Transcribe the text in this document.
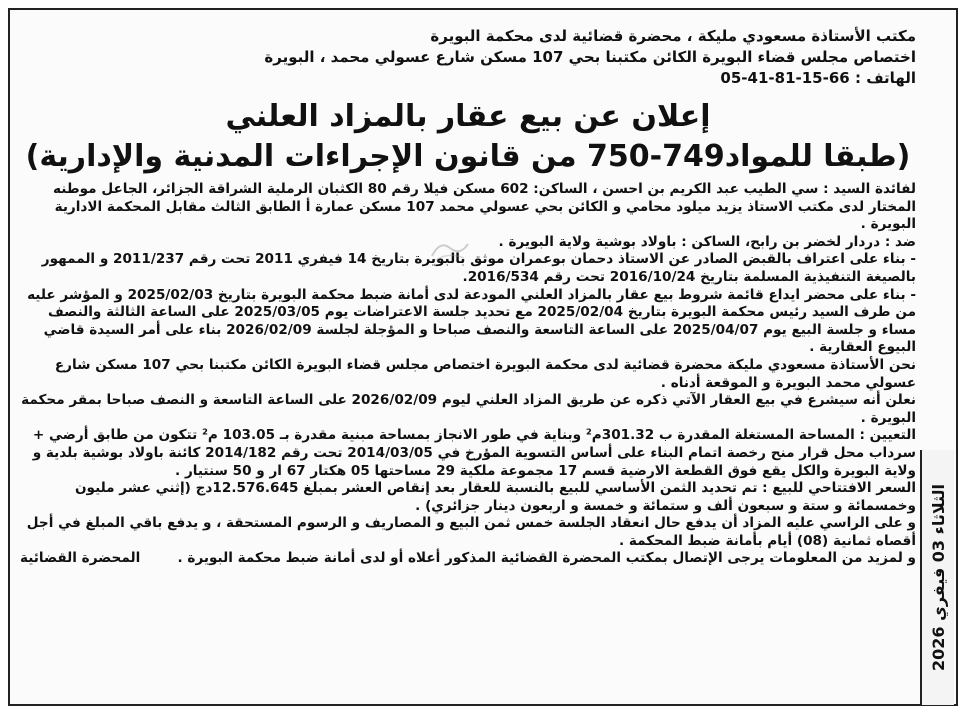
مكتب الأستاذة مسعودي مليكة ، محضرة قضائية لدى محكمة البويرة

اختصاص مجلس قضاء البويرة الكائن مكتبنا بحي 107 مسكن شارع عسولي محمد ، البويرة

الهاتف : 66-15-81-41-05

إعلان عن بيع عقار بالمزاد العلني

(طبقا للمواد749-750 من قانون الإجراءات المدنية والإدارية)

لفائدة السيد : سي الطيب عبد الكريم بن احسن ، الساكن: 602 مسكن فيلا رقم 80 الكثبان الرملية الشراقة الجزائر، الجاعل موطنه المختار لدى مكتب الاستاذ يزيد ميلود محامي و الكائن بحي عسولي محمد 107 مسكن عمارة أ الطابق الثالث مقابل المحكمة الادارية البويرة .

ضد : دردار لخضر بن رابح، الساكن : باولاد بوشية ولاية البويرة .

- بناء على اعتراف بالقبض الصادر عن الاستاذ دحمان بوعمران موثق بالبويرة بتاريخ 14 فيفري 2011 تحت رقم 2011/237 و الممهور بالصيغة التنفيذية المسلمة بتاريخ 2016/10/24 تحت رقم 2016/534.

- بناء على محضر ايداع قائمة شروط بيع عقار بالمزاد العلني المودعة لدى أمانة ضبط محكمة البويرة بتاريخ 2025/02/03 و المؤشر عليه من طرف السيد رئيس محكمة البويرة بتاريخ 2025/02/04 مع تحديد جلسة الاعتراضات يوم 2025/03/05 على الساعة الثالثة والنصف مساء و جلسة البيع يوم 2025/04/07 على الساعة التاسعة والنصف صباحا و المؤجلة لجلسة 2026/02/09 بناء على أمر السيدة قاضي البيوع العقارية .

نحن الأستاذة مسعودي مليكة محضرة قضائية لدى محكمة البويرة اختصاص مجلس قضاء البويرة الكائن مكتبنا بحي 107 مسكن شارع عسولي محمد البويرة و الموقعة أدناه .

نعلن أنه سيشرع في بيع العقار الآتي ذكره عن طريق المزاد العلني ليوم 2026/02/09 على الساعة التاسعة و النصف صباحا بمقر محكمة البويرة .

التعيين : المساحة المستغلة المقدرة ب 301.32م² وبناية في طور الانجاز بمساحة مبنية مقدرة بـ 103.05 م² تتكون من طابق أرضي + سرداب محل قرار منح رخصة اتمام البناء على أساس التسوية المؤرخ في 2014/03/05 تحت رقم 2014/182 كائنة باولاد بوشية بلدية و ولاية البويرة والكل يقع فوق القطعة الارضية قسم 17 مجموعة ملكية 29 مساحتها 05 هكتار 67 ار و 50 سنتيار .

السعر الافتتاحي للبيع : تم تحديد الثمن الأساسي للبيع بالنسبة للعقار بعد إنقاص العشر بمبلغ 12.576.645دج (إثني عشر مليون وخمسمائة و ستة و سبعون ألف و ستمائة و خمسة و اربعون دينار جزائري) .

و على الراسي عليه المزاد أن يدفع حال انعقاد الجلسة خمس ثمن البيع و المصاريف و الرسوم المستحقة ، و يدفع باقي المبلغ في أجل أقصاه ثمانية (08) أيام بأمانة ضبط المحكمة .

و لمزيد من المعلومات يرجى الإتصال بمكتب المحضرة القضائية المذكور أعلاه أو لدى أمانة ضبط محكمة البويرة .

المحضرة القضائية

الثلاثاء 03 فيفري 2026
